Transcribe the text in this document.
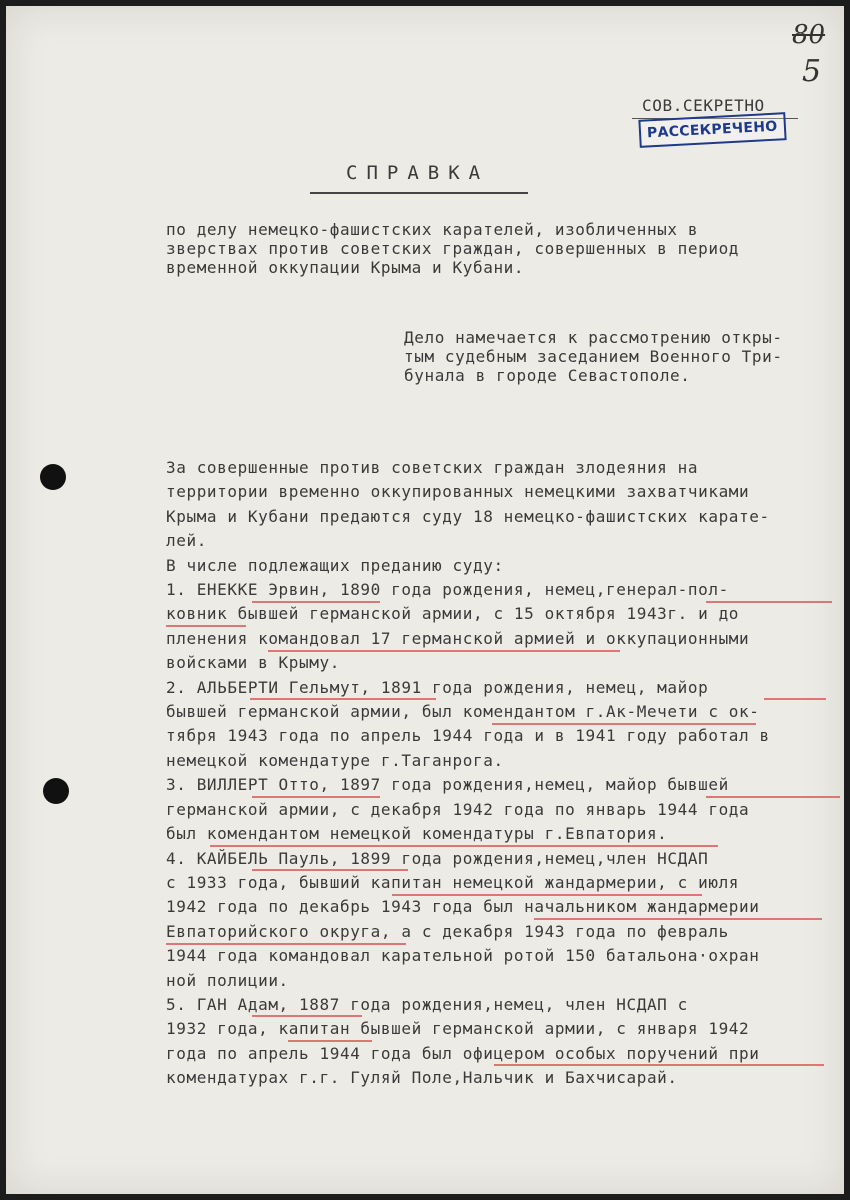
80
5

СОВ.СЕКРЕТНО

РАССЕКРЕЧЕНО

СПРАВКА

по делу немецко-фашистских карателей, изобличенных в
зверствах против советских граждан, совершенных в период
временной оккупации Крыма и Кубани.
Дело намечается к рассмотрению откры-
тым судебным заседанием Военного Три-
бунала в городе Севастополе.
За совершенные против советских граждан злодеяния на
территории временно оккупированных немецкими захватчиками
Крыма и Кубани предаются суду 18 немецко-фашистских карате-
лей.
В числе подлежащих преданию суду:
1. ЕНЕККЕ Эрвин, 1890 года рождения, немец,генерал-пол-
ковник бывшей германской армии, с 15 октября 1943г. и до
пленения командовал 17 германской армией и оккупационными
войсками в Крыму.
2. АЛЬБЕРТИ Гельмут, 1891 года рождения, немец, майор
бывшей германской армии, был комендантом г.Ак-Мечети с ок-
тября 1943 года по апрель 1944 года и в 1941 году работал в
немецкой комендатуре г.Таганрога.
3. ВИЛЛЕРТ Отто, 1897 года рождения,немец, майор бывшей
германской армии, с декабря 1942 года по январь 1944 года
был комендантом немецкой комендатуры г.Евпатория.
4. КАЙБЕЛЬ Пауль, 1899 года рождения,немец,член НСДАП
с 1933 года, бывший капитан немецкой жандармерии, с июля
1942 года по декабрь 1943 года был начальником жандармерии
Евпаторийского округа, а с декабря 1943 года по февраль
1944 года командовал карательной ротой 150 батальона·охран
ной полиции.
5. ГАН Адам, 1887 года рождения,немец, член НСДАП с
1932 года, капитан бывшей германской армии, с января 1942
года по апрель 1944 года был офицером особых поручений при
комендатурах г.г. Гуляй Поле,Нальчик и Бахчисарай.
